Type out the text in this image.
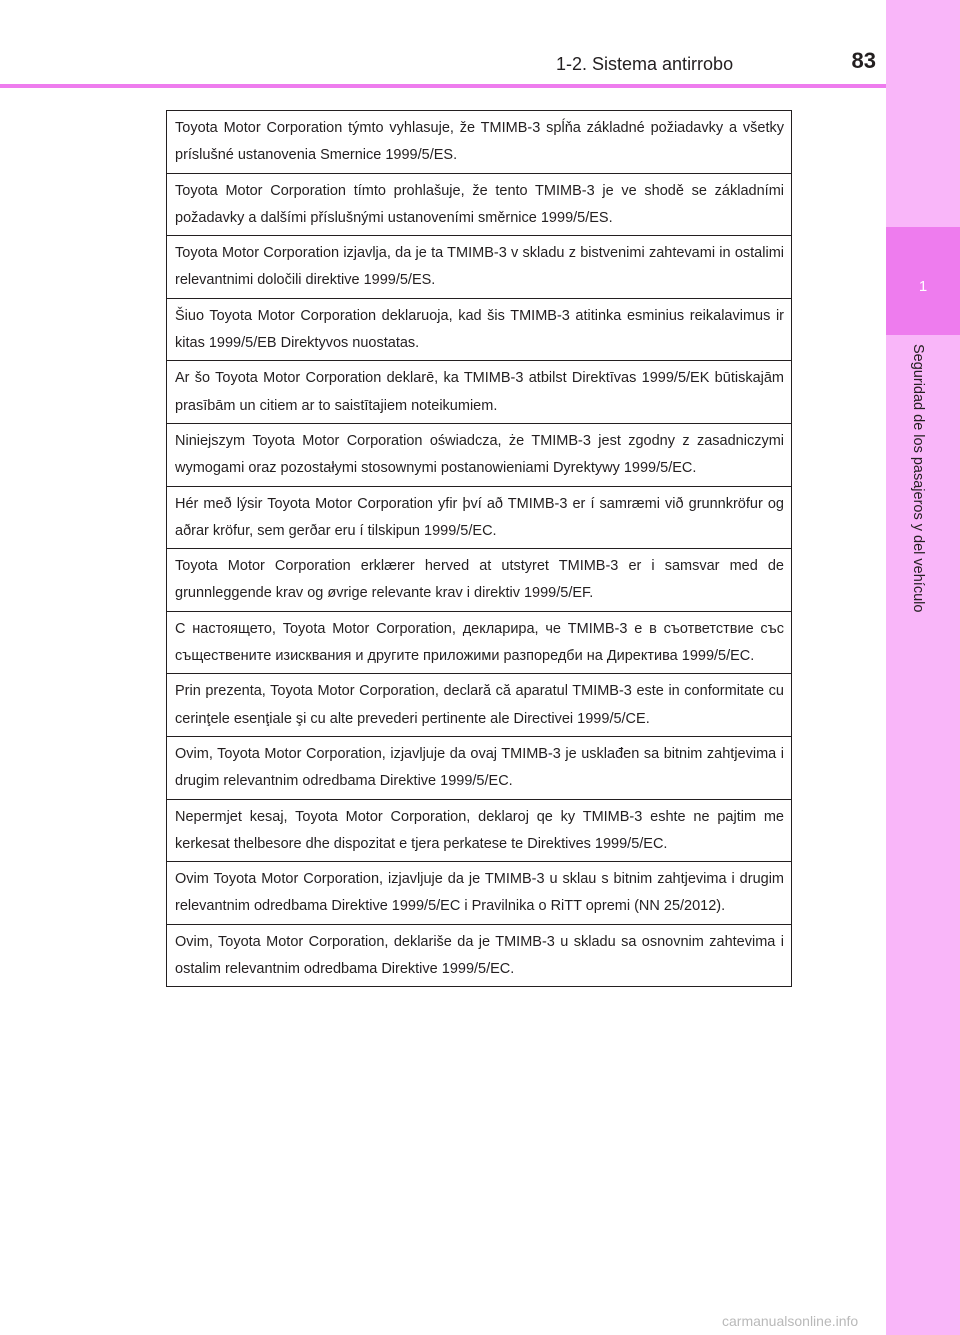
1
Seguridad de los pasajeros y del vehículo
1-2. Sistema antirrobo	83
Toyota Motor Corporation týmto vyhlasuje, že TMIMB-3 spĺňa základné požiadavky a všetky príslušné ustanovenia Smernice 1999/5/ES.
Toyota Motor Corporation tímto prohlašuje, že tento TMIMB-3 je ve shodě se základními požadavky a dalšími příslušnými ustanoveními směrnice 1999/5/ES.
Toyota Motor Corporation izjavlja, da je ta TMIMB-3 v skladu z bistvenimi zahtevami in ostalimi relevantnimi določili direktive 1999/5/ES.
Šiuo Toyota Motor Corporation deklaruoja, kad šis TMIMB-3 atitinka esminius reikalavimus ir kitas 1999/5/EB Direktyvos nuostatas.
Ar šo Toyota Motor Corporation deklarē, ka TMIMB-3 atbilst Direktīvas 1999/5/EK būtiskajām prasībām un citiem ar to saistītajiem noteikumiem.
Niniejszym Toyota Motor Corporation oświadcza, że TMIMB-3 jest zgodny z zasadniczymi wymogami oraz pozostałymi stosownymi postanowieniami Dyrektywy 1999/5/EC.
Hér með lýsir Toyota Motor Corporation yfir því að TMIMB-3 er í samræmi við grunnkröfur og aðrar kröfur, sem gerðar eru í tilskipun 1999/5/EC.
Toyota Motor Corporation erklærer herved at utstyret TMIMB-3 er i samsvar med de grunnleggende krav og øvrige relevante krav i direktiv 1999/5/EF.
С настоящето, Toyota Motor Corporation, декларира, че TMIMB-3 е в съответствие със съществените изисквания и другите приложими разпоредби на Директива 1999/5/ЕС.
Prin prezenta, Toyota Motor Corporation, declară că aparatul TMIMB-3 este in conformitate cu cerinţele esenţiale şi cu alte prevederi pertinente ale Directivei 1999/5/CE.
Ovim, Toyota Motor Corporation, izjavljuje da ovaj TMIMB-3 je usklađen sa bitnim zahtjevima i drugim relevantnim odredbama Direktive 1999/5/EC.
Nepermjet kesaj, Toyota Motor Corporation, deklaroj qe ky TMIMB-3 eshte ne pajtim me kerkesat thelbesore dhe dispozitat e tjera perkatese te Direktives 1999/5/EC.
Ovim Toyota Motor Corporation, izjavljuje da je TMIMB-3 u sklau s bitnim zahtjevima i drugim relevantnim odredbama Direktive 1999/5/EC i Pravilnika o RiTT opremi (NN 25/2012).
Ovim, Toyota Motor Corporation, deklariše da je TMIMB-3 u skladu sa osnovnim zahtevima i ostalim relevantnim odredbama Direktive 1999/5/EC.
carmanualsonline.info
